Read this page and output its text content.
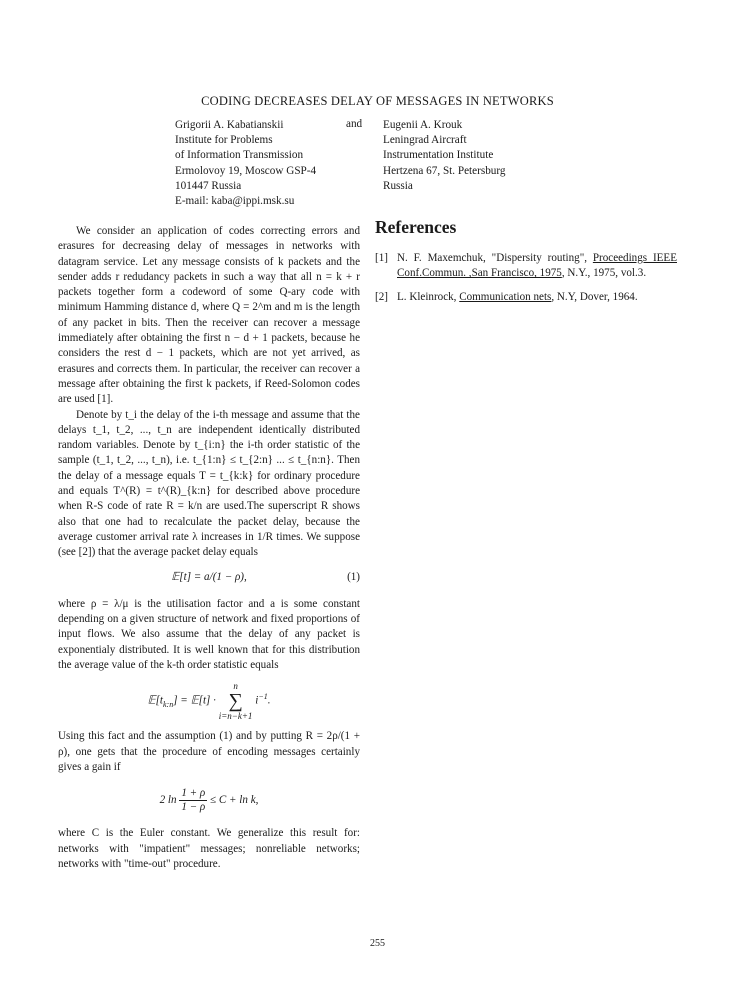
CODING DECREASES DELAY OF MESSAGES IN NETWORKS
Grigorii A. Kabatianskii
Institute for Problems
of Information Transmission
Ermolovoy 19, Moscow GSP-4
101447 Russia
E-mail: kaba@ippi.msk.su
and Eugenii A. Krouk
Leningrad Aircraft
Instrumentation Institute
Hertzena 67, St. Petersburg
Russia

We consider an application of codes correcting errors and erasures for decreasing delay of messages in networks with datagram service. Let any message consists of k packets and the sender adds r redudancy packets in such a way that all n = k + r packets together form a codeword of some Q-ary code with minimum Hamming distance d, where Q = 2^m and m is the length of any packet in bits. Then the receiver can recover a message immediately after obtaining the first n − d + 1 packets, because he considers the rest d − 1 packets, which are not yet arrived, as erasures and corrects them. In particular, the receiver can recover a message after obtaining the first k packets, if Reed-Solomon codes are used [1].

Denote by t_i the delay of the i-th message and assume that the delays t_1, t_2, ..., t_n are independent identically distributed random variables. Denote by t_{i:n} the i-th order statistic of the sample (t_1, t_2, ..., t_n), i.e. t_{1:n} ≤ t_{2:n} ... ≤ t_{n:n}. Then the delay of a message equals T = t_{k:k} for ordinary procedure and equals T^(R) = t^(R)_{k:n} for described above procedure when R-S code of rate R = k/n are used.The superscript R shows also that one had to recalculate the packet delay, because the average customer arrival rate λ increases in 1/R times. We suppose (see [2]) that the average packet delay equals

𝔼[t] = a/(1 − ρ),	(1)

where ρ = λ/μ is the utilisation factor and a is some constant depending on a given structure of network and fixed proportions of input flows. We also assume that the delay of any packet is exponentialy distributed. It is well known that for this distribution the average value of the k-th order statistic equals

$𝔼[t_{k:n}]$ = 𝔼[t] ·
n
∑
i=n−k+1
$i^{-1}$.

Using this fact and the assumption (1) and by putting R = 2ρ/(1 + ρ), one gets that the procedure of encoding messages certainly gives a gain if

2 $\ln \frac{1 + \rho}{1 - \rho} \le C + \ln k$,

where C is the Euler constant. We generalize this result for: networks with "impatient" messages; nonreliable networks; networks with "time-out" procedure.

References
[1] N. F. Maxemchuk, "Dispersity routing", Proceedings IEEE Conf.Commun. ,San Francisco, 1975, N.Y., 1975, vol.3.
[2] L. Kleinrock, Communication nets, N.Y, Dover, 1964.
255
